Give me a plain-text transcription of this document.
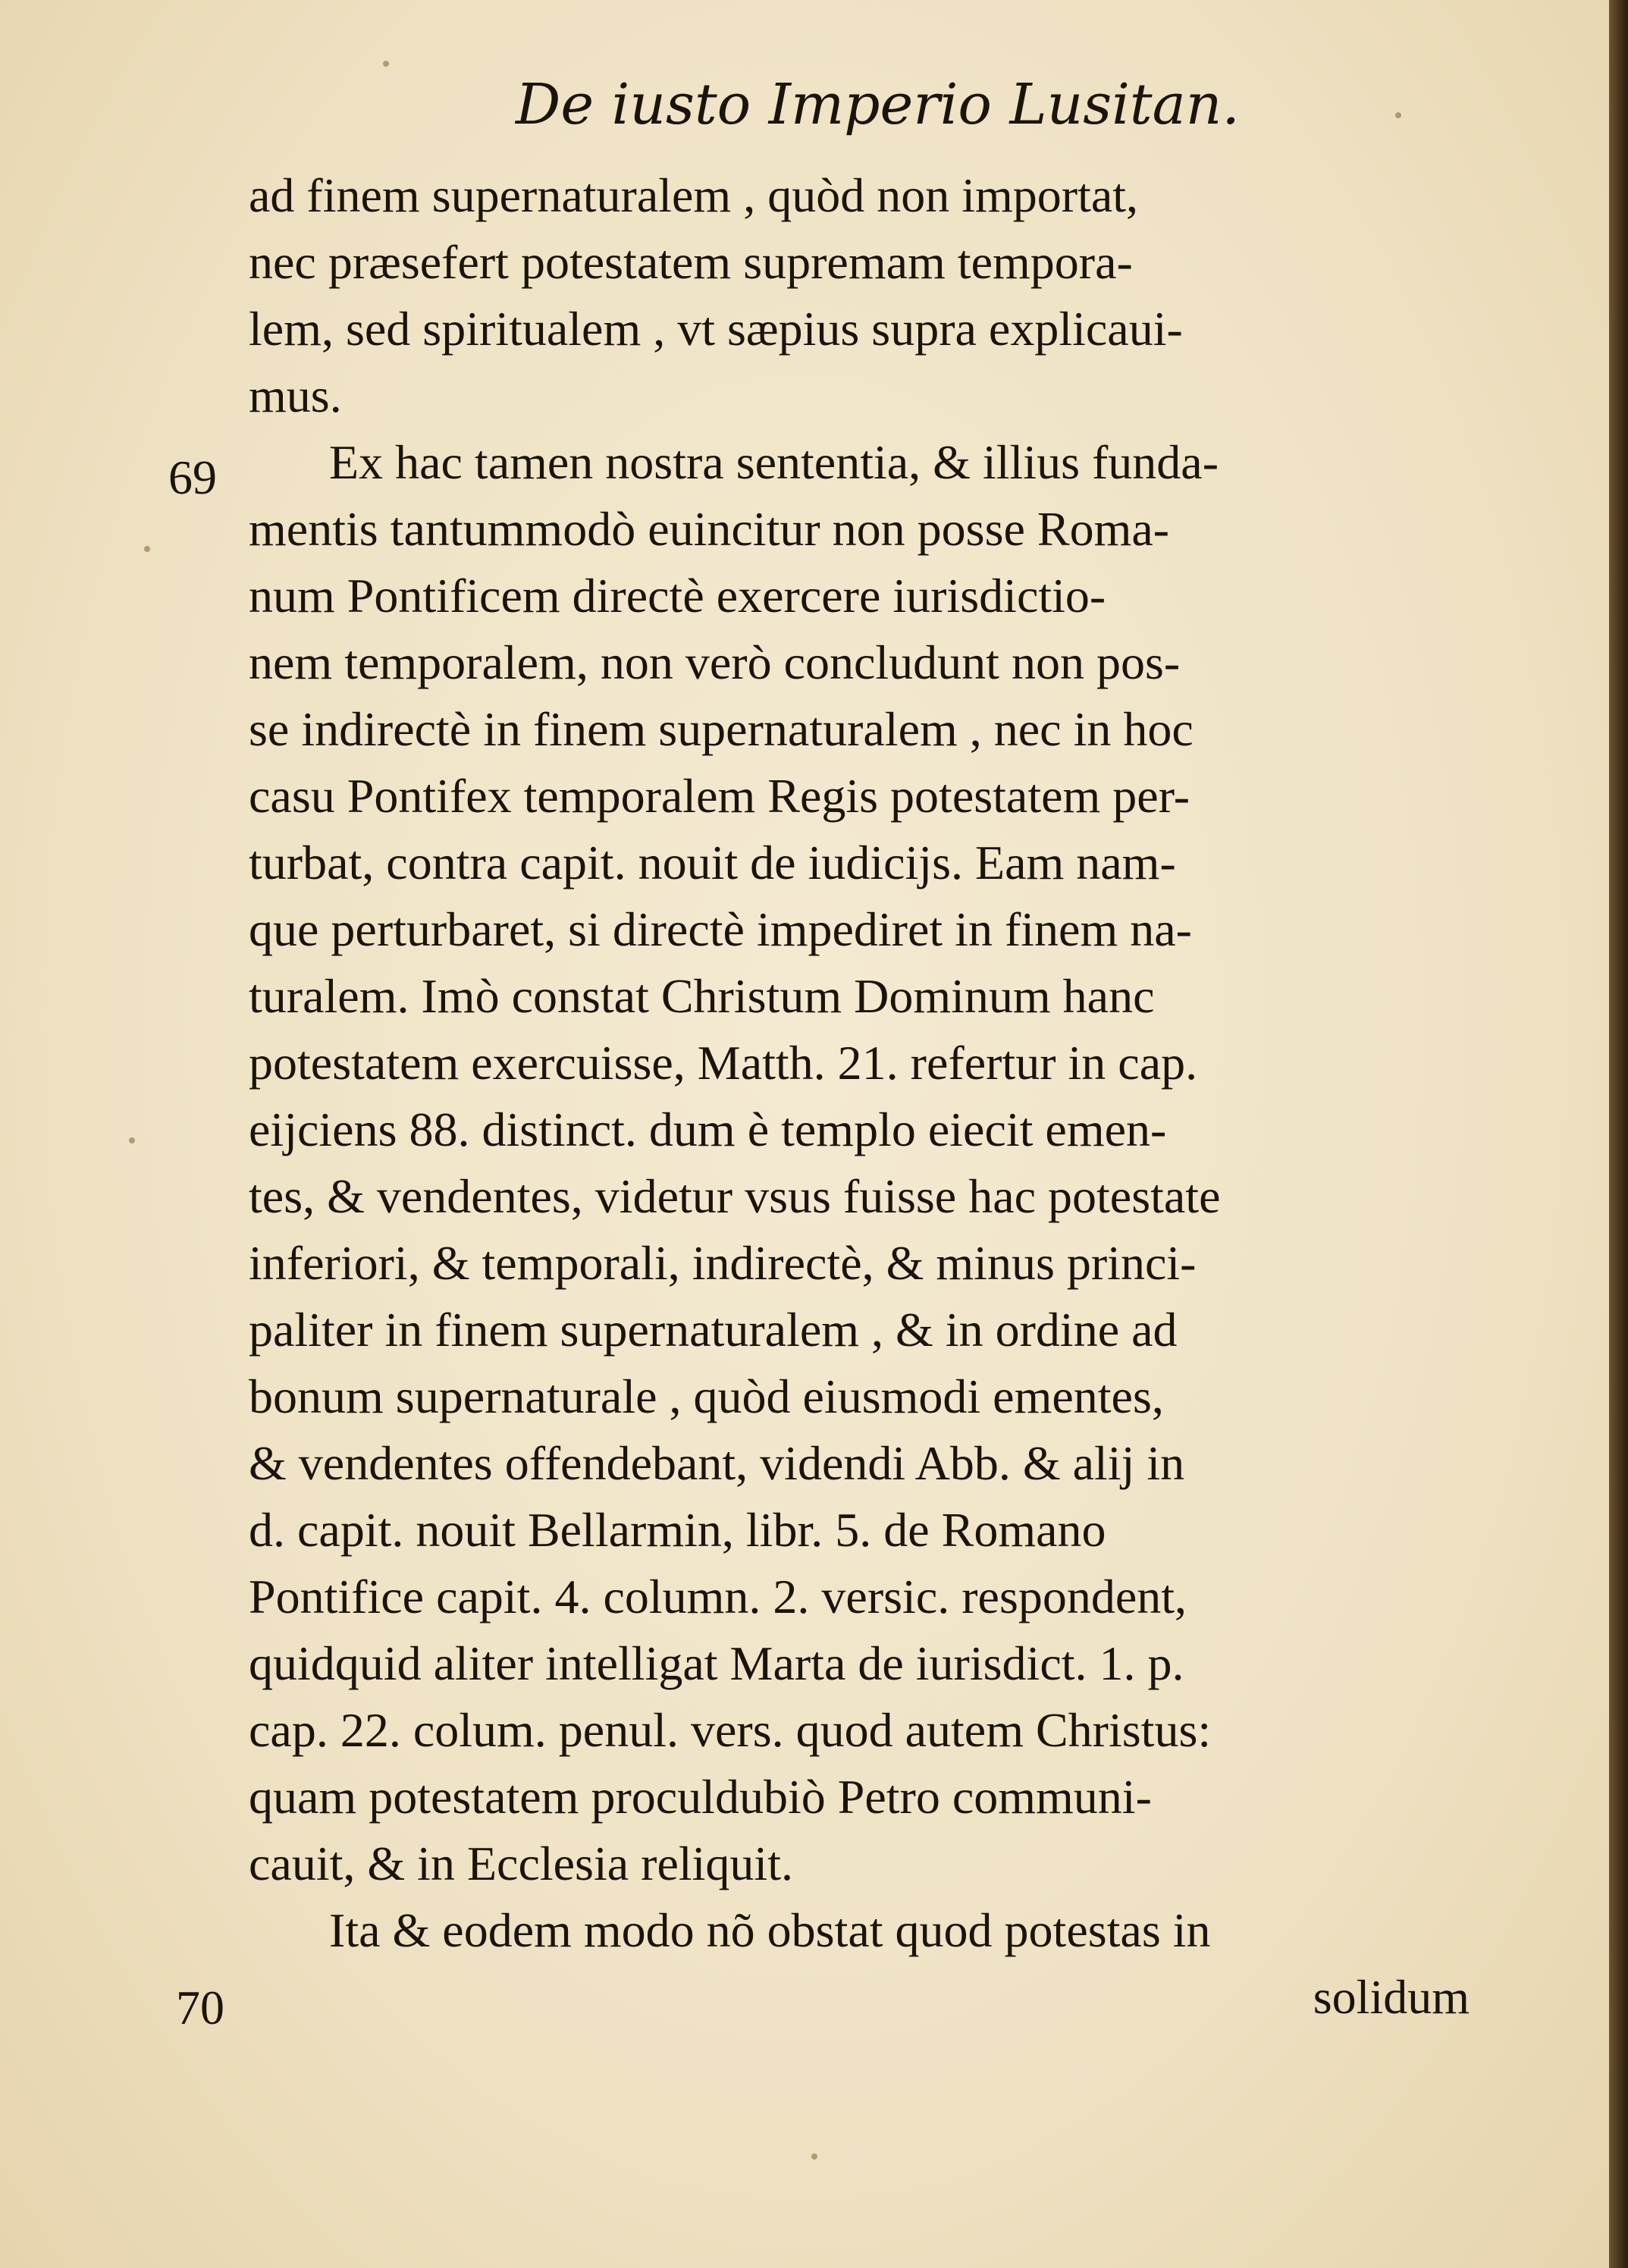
De iusto Imperio Lusitan.
69
70
ad finem supernaturalem , quòd non importat,
nec præsefert potestatem supremam tempora-
lem, sed spiritualem , vt sæpius supra explicaui-
mus.
Ex hac tamen nostra sententia, & illius funda-
mentis tantummodò euincitur non posse Roma-
num Pontificem directè exercere iurisdictio-
nem temporalem, non verò concludunt non pos-
se indirectè in finem supernaturalem , nec in hoc
casu Pontifex temporalem Regis potestatem per-
turbat, contra capit. nouit de iudicijs. Eam nam-
que perturbaret, si directè impediret in finem na-
turalem. Imò constat Christum Dominum hanc
potestatem exercuisse, Matth. 21. refertur in cap.
eijciens 88. distinct. dum è templo eiecit emen-
tes, & vendentes, videtur vsus fuisse hac potestate
inferiori, & temporali, indirectè, & minus princi-
paliter in finem supernaturalem , & in ordine ad
bonum supernaturale , quòd eiusmodi ementes,
& vendentes offendebant, videndi Abb. & alij in
d. capit. nouit Bellarmin, libr. 5. de Romano
Pontifice capit. 4. column. 2. versic. respondent,
quidquid aliter intelligat Marta de iurisdict. 1. p.
cap. 22. colum. penul. vers. quod autem Christus:
quam potestatem proculdubiò Petro communi-
cauit, & in Ecclesia reliquit.
Ita & eodem modo nõ obstat quod potestas in
solidum
